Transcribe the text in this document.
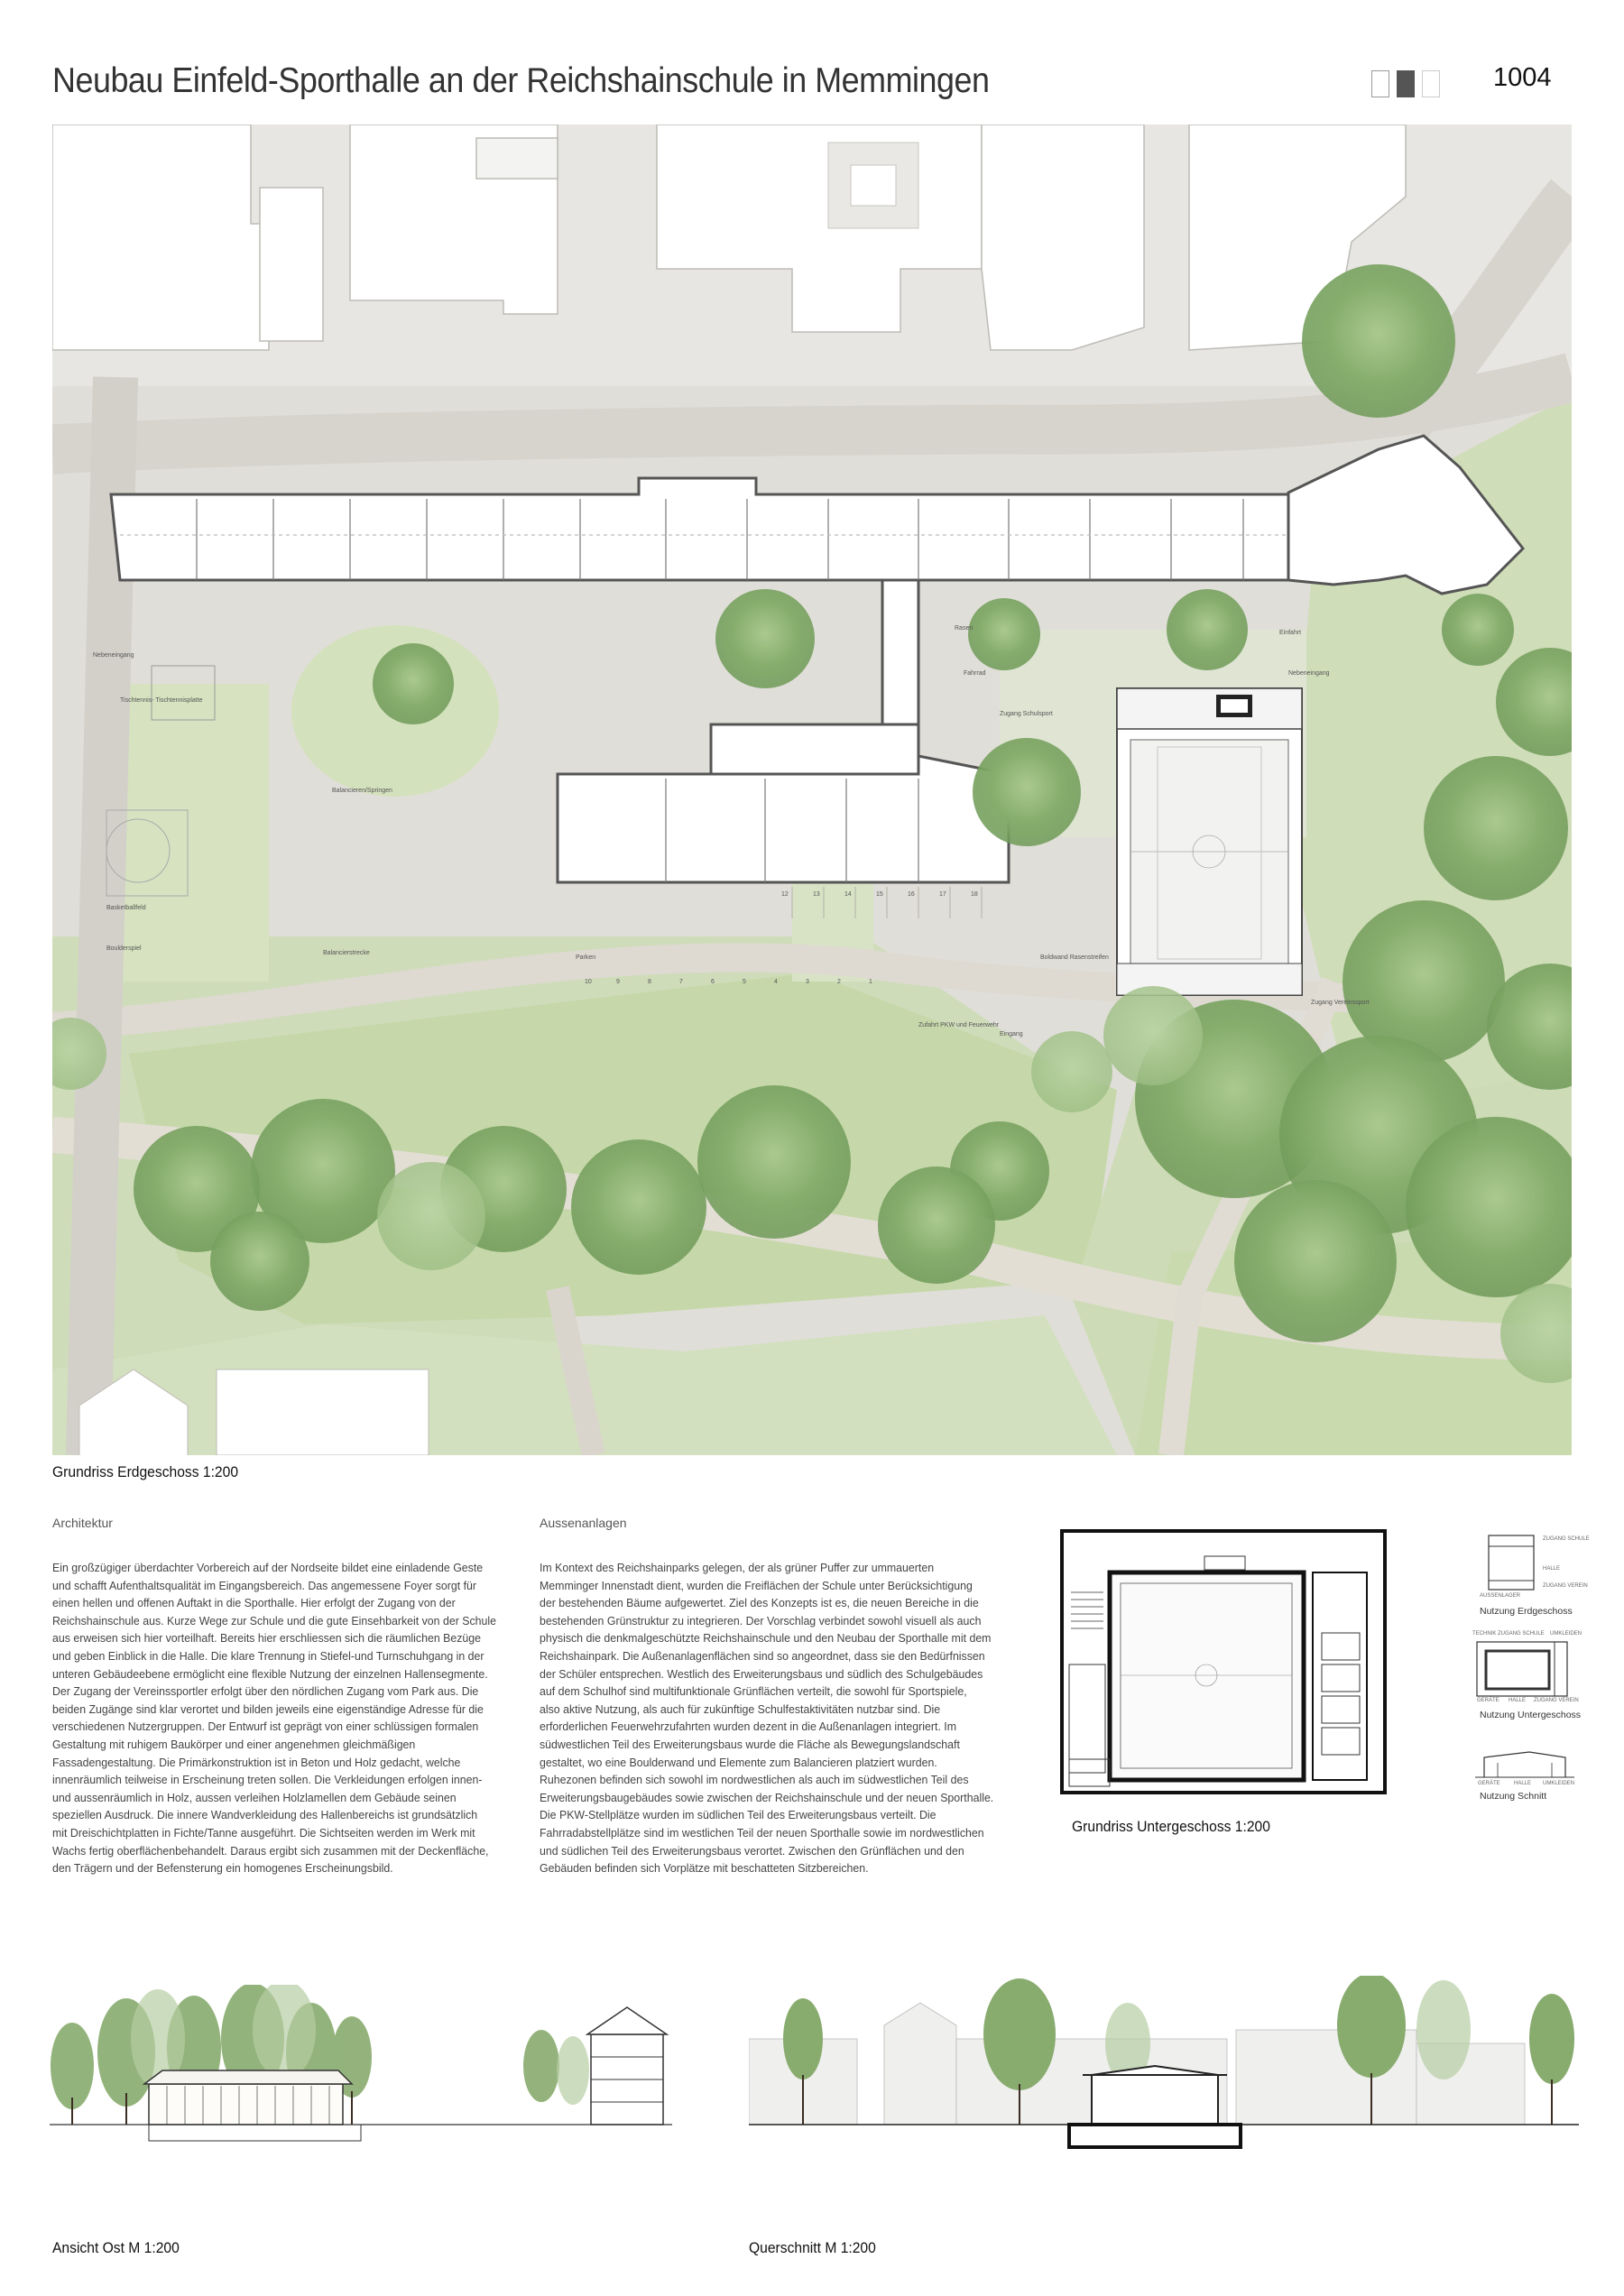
Neubau Einfeld-Sporthalle an der Reichshainschule in Memmingen	1004
Zugang Schulsport
Zugang Vereinssport
Nebeneingang
Nebeneingang
Tischtennis- Tischtennisplatte
Balancieren/Springen
Basketballfeld
Boulderspiel
Balancierstrecke
Parken
Zufahrt PKW und Feuerwehr
Eingang
Boldwand Rasenstreifen
Rasen
Einfahrt
Fahrrad
12	13	14	15	16	17	18
10	9	8	7	6	5	4	3	2	1
Grundriss Erdgeschoss 1:200
Architektur
Ein großzügiger überdachter Vorbereich auf der Nordseite bildet eine einladende Geste
und schafft Aufenthaltsqualität im Eingangsbereich. Das angemessene Foyer sorgt für
einen hellen und offenen Auftakt in die Sporthalle. Hier erfolgt der Zugang von der
Reichshainschule aus. Kurze Wege zur Schule und die gute Einsehbarkeit von der Schule
aus erweisen sich hier vorteilhaft. Bereits hier erschliessen sich die räumlichen Bezüge
und geben Einblick in die Halle. Die klare Trennung in Stiefel-und Turnschuhgang in der
unteren Gebäudeebene ermöglicht eine flexible Nutzung der einzelnen Hallensegmente.
Der Zugang der Vereinssportler erfolgt über den nördlichen Zugang vom Park aus. Die
beiden Zugänge sind klar verortet und bilden jeweils eine eigenständige Adresse für die
verschiedenen Nutzergruppen. Der Entwurf ist geprägt von einer schlüssigen formalen
Gestaltung mit ruhigem Baukörper und einer angenehmen gleichmäßigen
Fassadengestaltung. Die Primärkonstruktion ist in Beton und Holz gedacht, welche
innenräumlich teilweise in Erscheinung treten sollen. Die Verkleidungen erfolgen innen-
und aussenräumlich in Holz, aussen verleihen Holzlamellen dem Gebäude seinen
speziellen Ausdruck. Die innere Wandverkleidung des Hallenbereichs ist grundsätzlich
mit Dreischichtplatten in Fichte/Tanne ausgeführt. Die Sichtseiten werden im Werk mit
Wachs fertig oberflächenbehandelt. Daraus ergibt sich zusammen mit der Deckenfläche,
den Trägern und der Befensterung ein homogenes Erscheinungsbild.
Aussenanlagen
Im Kontext des Reichshainparks gelegen, der als grüner Puffer zur ummauerten
Memminger Innenstadt dient, wurden die Freiflächen der Schule unter Berücksichtigung
der bestehenden Bäume aufgewertet. Ziel des Konzepts ist es, die neuen Bereiche in die
bestehenden Grünstruktur zu integrieren. Der Vorschlag verbindet sowohl visuell als auch
physisch die denkmalgeschützte Reichshainschule und den Neubau der Sporthalle mit dem
Reichshainpark. Die Außenanlagenflächen sind so angeordnet, dass sie den Bedürfnissen
der Schüler entsprechen. Westlich des Erweiterungsbaus und südlich des Schulgebäudes
auf dem Schulhof sind multifunktionale Grünflächen verteilt, die sowohl für Sportspiele,
also aktive Nutzung, als auch für zukünftige Schulfestaktivitäten nutzbar sind. Die
erforderlichen Feuerwehrzufahrten wurden dezent in die Außenanlagen integriert. Im
südwestlichen Teil des Erweiterungsbaus wurde die Fläche als Bewegungslandschaft
gestaltet, wo eine Boulderwand und Elemente zum Balancieren platziert wurden.
Ruhezonen befinden sich sowohl im nordwestlichen als auch im südwestlichen Teil des
Erweiterungsbaugebäudes sowie zwischen der Reichshainschule und der neuen Sporthalle.
Die PKW-Stellplätze wurden im südlichen Teil des Erweiterungsbaus verteilt. Die
Fahrradabstellplätze sind im westlichen Teil der neuen Sporthalle sowie im nordwestlichen
und südlichen Teil des Erweiterungsbaus verortet. Zwischen den Grünflächen und den
Gebäuden befinden sich Vorplätze mit beschatteten Sitzbereichen.
Grundriss Untergeschoss 1:200
ZUGANG SCHULE
HALLE
ZUGANG VEREIN
AUSSENLAGER
Nutzung Erdgeschoss
TECHNIK ZUGANG SCHULE UMKLEIDEN
GERÄTE HALLE ZUGANG VEREIN
Nutzung Untergeschoss
GERÄTE	HALLE UMKLEIDEN
Nutzung Schnitt
Ansicht Ost M 1:200	Querschnitt M 1:200
